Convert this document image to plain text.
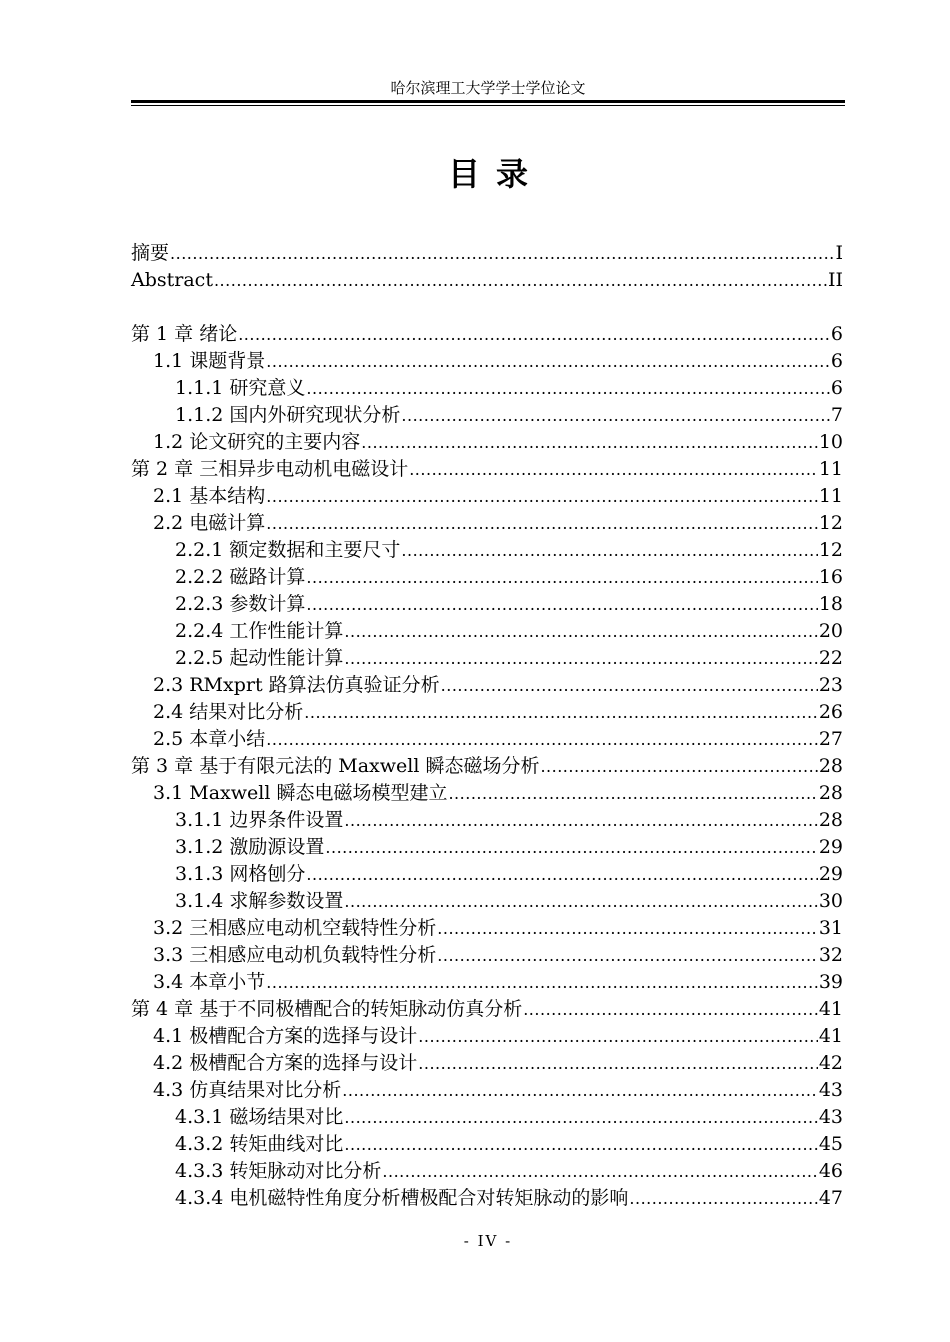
哈尔滨理工大学学士学位论文
目录
摘要 .....	I
Abstract .....	II
第 1 章 绪论 .....	6
1.1 课题背景 .....	6
1.1.1 研究意义 .....	6
1.1.2 国内外研究现状分析 .....	7
1.2 论文研究的主要内容 .....	10
第 2 章 三相异步电动机电磁设计 .....	11
2.1 基本结构 .....	11
2.2 电磁计算 .....	12
2.2.1 额定数据和主要尺寸 .....	12
2.2.2 磁路计算 .....	16
2.2.3 参数计算 .....	18
2.2.4 工作性能计算 .....	20
2.2.5 起动性能计算 .....	22
2.3 RMxprt 路算法仿真验证分析 .....	23
2.4 结果对比分析 .....	26
2.5 本章小结 .....	27
第 3 章 基于有限元法的 Maxwell 瞬态磁场分析 .....	28
3.1 Maxwell 瞬态电磁场模型建立 .....	28
3.1.1 边界条件设置 .....	28
3.1.2 激励源设置 .....	29
3.1.3 网格刨分 .....	29
3.1.4 求解参数设置 .....	30
3.2 三相感应电动机空载特性分析 .....	31
3.3 三相感应电动机负载特性分析 .....	32
3.4 本章小节 .....	39
第 4 章 基于不同极槽配合的转矩脉动仿真分析 .....	41
4.1 极槽配合方案的选择与设计 .....	41
4.2 极槽配合方案的选择与设计 .....	42
4.3 仿真结果对比分析 .....	43
4.3.1 磁场结果对比 .....	43
4.3.2 转矩曲线对比 .....	45
4.3.3 转矩脉动对比分析 .....	46
4.3.4 电机磁特性角度分析槽极配合对转矩脉动的影响 .....	47
- IV -
